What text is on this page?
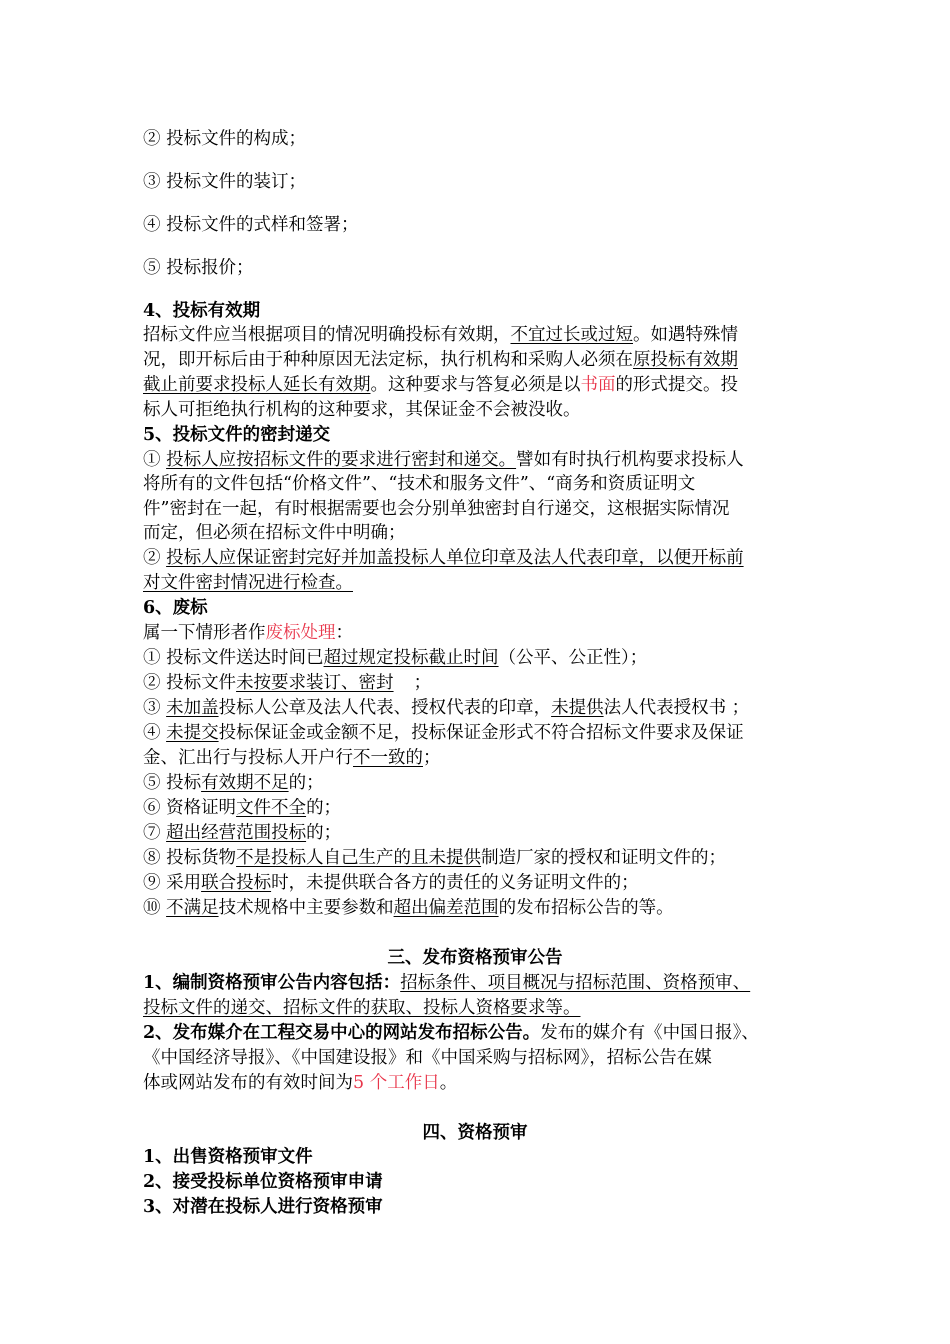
② 投标文件的构成；
③ 投标文件的装订；
④ 投标文件的式样和签署；
⑤ 投标报价；
4、投标有效期
招标文件应当根据项目的情况明确投标有效期，不宜过长或过短。如遇特殊情
况，即开标后由于种种原因无法定标，执行机构和采购人必须在原投标有效期
截止前要求投标人延长有效期。这种要求与答复必须是以书面的形式提交。投
标人可拒绝执行机构的这种要求，其保证金不会被没收。
5、投标文件的密封递交
① 投标人应按招标文件的要求进行密封和递交。譬如有时执行机构要求投标人
将所有的文件包括“价格文件”、“技术和服务文件”、“商务和资质证明文
件”密封在一起，有时根据需要也会分别单独密封自行递交，这根据实际情况
而定，但必须在招标文件中明确；
② 投标人应保证密封完好并加盖投标人单位印章及法人代表印章，以便开标前
对文件密封情况进行检查。
6、废标
属一下情形者作废标处理：
① 投标文件送达时间已超过规定投标截止时间（公平、公正性）；
② 投标文件未按要求装订、密封 ；
③ 未加盖投标人公章及法人代表、授权代表的印章，未提供法人代表授权书 ；
④ 未提交投标保证金或金额不足，投标保证金形式不符合招标文件要求及保证
金、汇出行与投标人开户行不一致的；
⑤ 投标有效期不足的；
⑥ 资格证明文件不全的；
⑦ 超出经营范围投标的；
⑧ 投标货物不是投标人自己生产的且未提供制造厂家的授权和证明文件的；
⑨ 采用联合投标时，未提供联合各方的责任的义务证明文件的；
⑩ 不满足技术规格中主要参数和超出偏差范围的发布招标公告的等。
三、发布资格预审公告
1、编制资格预审公告内容包括：招标条件、项目概况与招标范围、资格预审、
投标文件的递交、招标文件的获取、投标人资格要求等。
2、发布媒介在工程交易中心的网站发布招标公告。发布的媒介有《中国日报》、
《中国经济导报》、《中国建设报》和《中国采购与招标网》，招标公告在媒
体或网站发布的有效时间为5 个工作日。
四、资格预审
1、出售资格预审文件
2、接受投标单位资格预审申请
3、对潜在投标人进行资格预审
